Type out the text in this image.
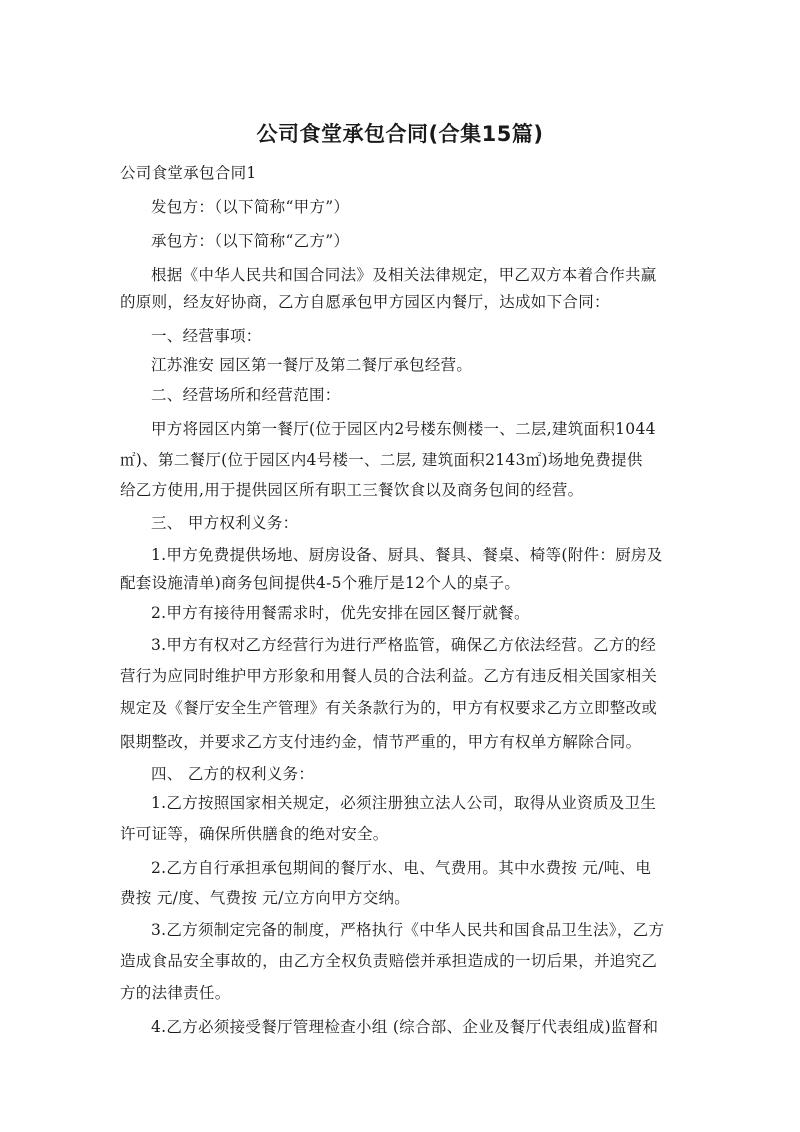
公司食堂承包合同(合集15篇)

公司食堂承包合同1

发包方：（以下简称“甲方”）

承包方：（以下简称“乙方”）

根据《中华人民共和国合同法》及相关法律规定，甲乙双方本着合作共赢

的原则，经友好协商，乙方自愿承包甲方园区内餐厅，达成如下合同：

一、经营事项：

江苏淮安 园区第一餐厅及第二餐厅承包经营。

二、经营场所和经营范围：

甲方将园区内第一餐厅(位于园区内2号楼东侧楼一、二层,建筑面积1044

㎡)、第二餐厅(位于园区内4号楼一、二层, 建筑面积2143㎡)场地免费提供

给乙方使用,用于提供园区所有职工三餐饮食以及商务包间的经营。

三、 甲方权利义务：

1.甲方免费提供场地、厨房设备、厨具、餐具、餐桌、椅等(附件：厨房及

配套设施清单)商务包间提供4-5个雅厅是12个人的桌子。

2.甲方有接待用餐需求时，优先安排在园区餐厅就餐。

3.甲方有权对乙方经营行为进行严格监管，确保乙方依法经营。乙方的经

营行为应同时维护甲方形象和用餐人员的合法利益。乙方有违反相关国家相关

规定及《餐厅安全生产管理》有关条款行为的，甲方有权要求乙方立即整改或

限期整改，并要求乙方支付违约金，情节严重的，甲方有权单方解除合同。

四、 乙方的权利义务：

1.乙方按照国家相关规定，必须注册独立法人公司，取得从业资质及卫生

许可证等，确保所供膳食的绝对安全。

2.乙方自行承担承包期间的餐厅水、电、气费用。其中水费按 元/吨、电

费按 元/度、气费按 元/立方向甲方交纳。

3.乙方须制定完备的制度，严格执行《中华人民共和国食品卫生法》，乙方

造成食品安全事故的，由乙方全权负责赔偿并承担造成的一切后果，并追究乙

方的法律责任。

4.乙方必须接受餐厅管理检查小组 (综合部、企业及餐厅代表组成)监督和
